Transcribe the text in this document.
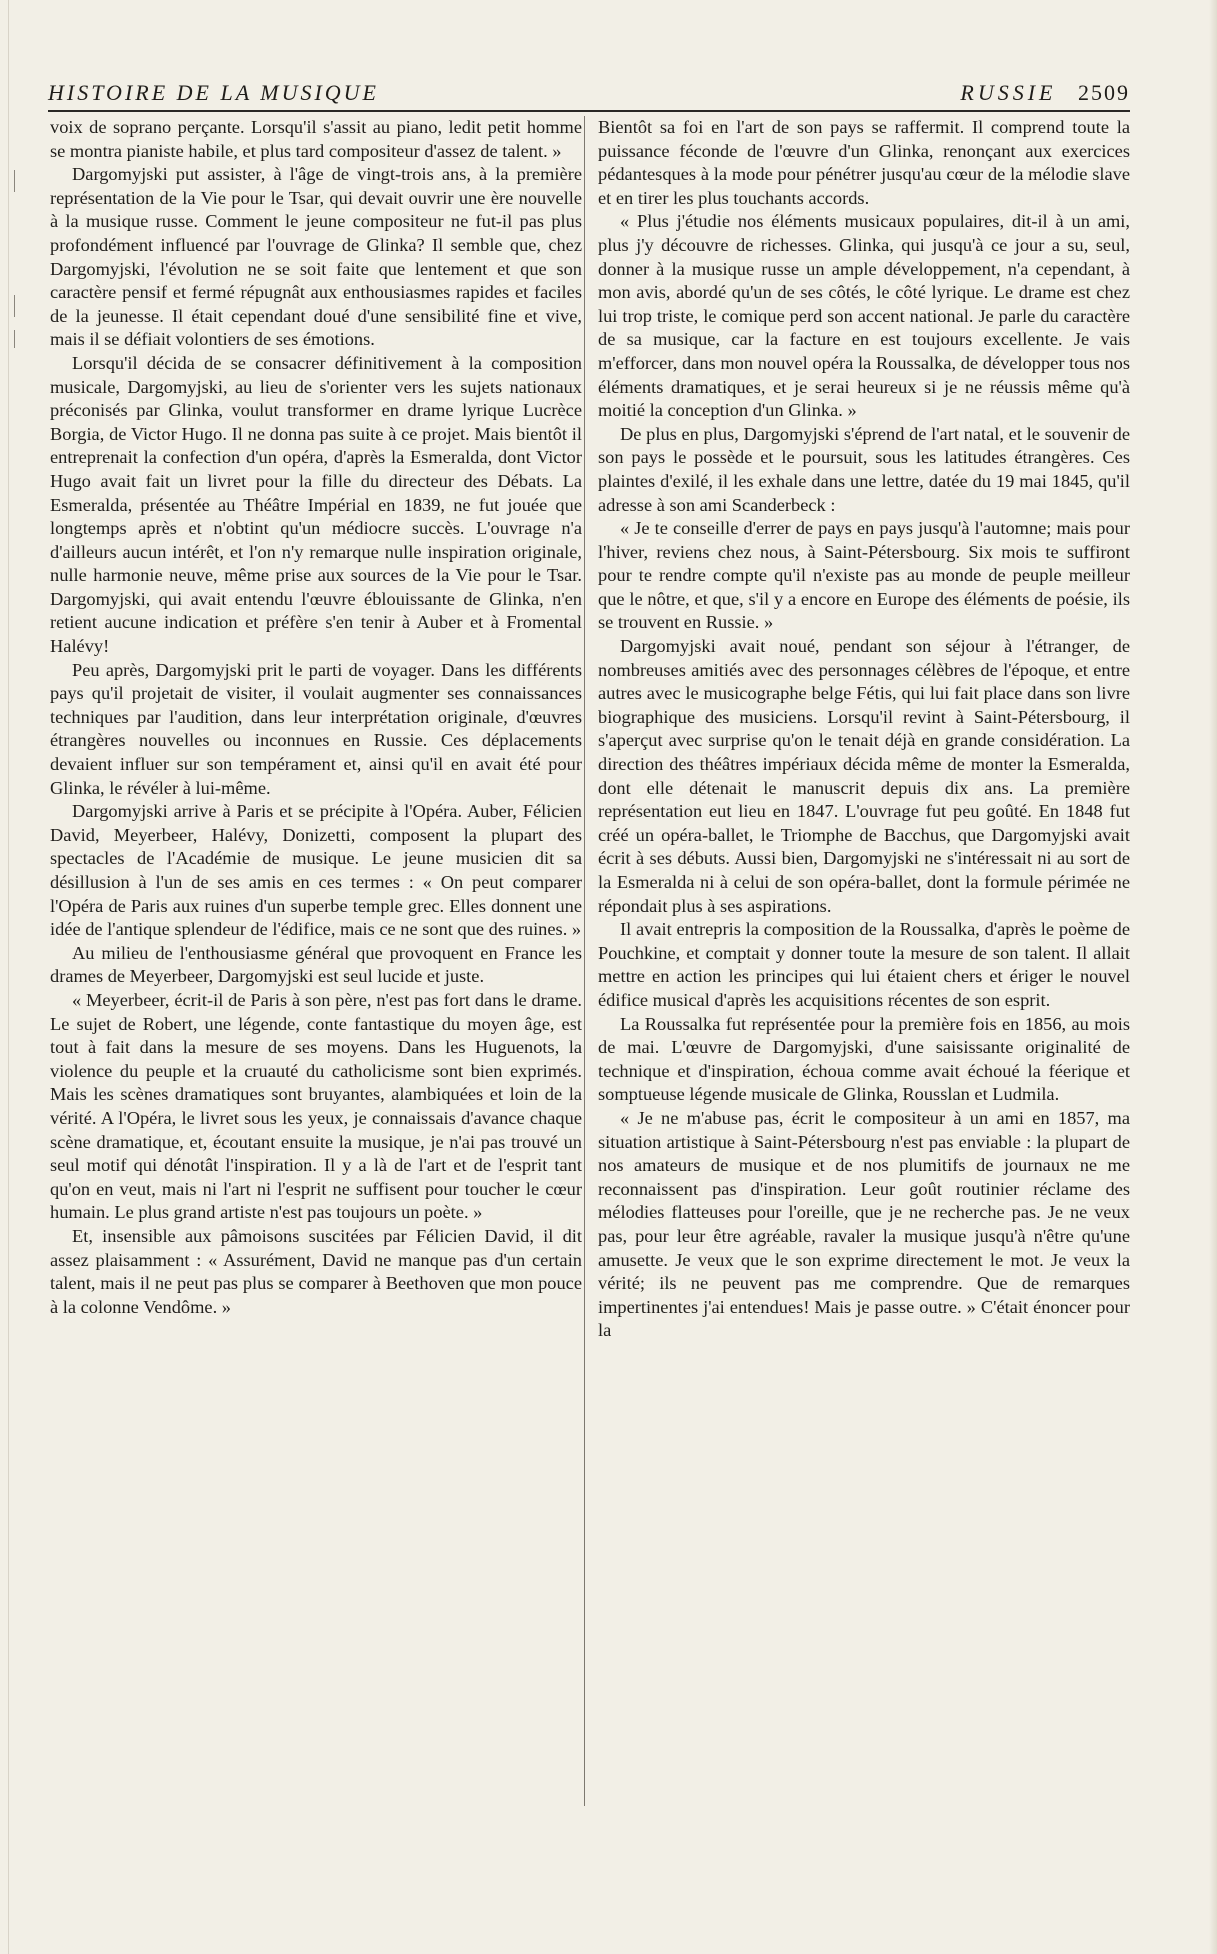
HISTOIRE DE LA MUSIQUE	RUSSIE 2509

voix de soprano perçante. Lorsqu'il s'assit au piano, ledit petit homme se montra pianiste habile, et plus tard compositeur d'assez de talent. »

Dargomyjski put assister, à l'âge de vingt-trois ans, à la première représentation de la Vie pour le Tsar, qui devait ouvrir une ère nouvelle à la musique russe. Comment le jeune compositeur ne fut-il pas plus profondément influencé par l'ouvrage de Glinka? Il semble que, chez Dargomyjski, l'évolution ne se soit faite que lentement et que son caractère pensif et fermé répugnât aux enthousiasmes rapides et faciles de la jeunesse. Il était cependant doué d'une sensibilité fine et vive, mais il se défiait volontiers de ses émotions.

Lorsqu'il décida de se consacrer définitivement à la composition musicale, Dargomyjski, au lieu de s'orienter vers les sujets nationaux préconisés par Glinka, voulut transformer en drame lyrique Lucrèce Borgia, de Victor Hugo. Il ne donna pas suite à ce projet. Mais bientôt il entreprenait la confection d'un opéra, d'après la Esmeralda, dont Victor Hugo avait fait un livret pour la fille du directeur des Débats. La Esmeralda, présentée au Théâtre Impérial en 1839, ne fut jouée que longtemps après et n'obtint qu'un médiocre succès. L'ouvrage n'a d'ailleurs aucun intérêt, et l'on n'y remarque nulle inspiration originale, nulle harmonie neuve, même prise aux sources de la Vie pour le Tsar. Dargomyjski, qui avait entendu l'œuvre éblouissante de Glinka, n'en retient aucune indication et préfère s'en tenir à Auber et à Fromental Halévy!

Peu après, Dargomyjski prit le parti de voyager. Dans les différents pays qu'il projetait de visiter, il voulait augmenter ses connaissances techniques par l'audition, dans leur interprétation originale, d'œuvres étrangères nouvelles ou inconnues en Russie. Ces déplacements devaient influer sur son tempérament et, ainsi qu'il en avait été pour Glinka, le révéler à lui-même.

Dargomyjski arrive à Paris et se précipite à l'Opéra. Auber, Félicien David, Meyerbeer, Halévy, Donizetti, composent la plupart des spectacles de l'Académie de musique. Le jeune musicien dit sa désillusion à l'un de ses amis en ces termes : « On peut comparer l'Opéra de Paris aux ruines d'un superbe temple grec. Elles donnent une idée de l'antique splendeur de l'édifice, mais ce ne sont que des ruines. »

Au milieu de l'enthousiasme général que provoquent en France les drames de Meyerbeer, Dargomyjski est seul lucide et juste.

« Meyerbeer, écrit-il de Paris à son père, n'est pas fort dans le drame. Le sujet de Robert, une légende, conte fantastique du moyen âge, est tout à fait dans la mesure de ses moyens. Dans les Huguenots, la violence du peuple et la cruauté du catholicisme sont bien exprimés. Mais les scènes dramatiques sont bruyantes, alambiquées et loin de la vérité. A l'Opéra, le livret sous les yeux, je connaissais d'avance chaque scène dramatique, et, écoutant ensuite la musique, je n'ai pas trouvé un seul motif qui dénotât l'inspiration. Il y a là de l'art et de l'esprit tant qu'on en veut, mais ni l'art ni l'esprit ne suffisent pour toucher le cœur humain. Le plus grand artiste n'est pas toujours un poète. »

Et, insensible aux pâmoisons suscitées par Félicien David, il dit assez plaisamment : « Assurément, David ne manque pas d'un certain talent, mais il ne peut pas plus se comparer à Beethoven que mon pouce à la colonne Vendôme. »

Bientôt sa foi en l'art de son pays se raffermit. Il comprend toute la puissance féconde de l'œuvre d'un Glinka, renonçant aux exercices pédantesques à la mode pour pénétrer jusqu'au cœur de la mélodie slave et en tirer les plus touchants accords.

« Plus j'étudie nos éléments musicaux populaires, dit-il à un ami, plus j'y découvre de richesses. Glinka, qui jusqu'à ce jour a su, seul, donner à la musique russe un ample développement, n'a cependant, à mon avis, abordé qu'un de ses côtés, le côté lyrique. Le drame est chez lui trop triste, le comique perd son accent national. Je parle du caractère de sa musique, car la facture en est toujours excellente. Je vais m'efforcer, dans mon nouvel opéra la Roussalka, de développer tous nos éléments dramatiques, et je serai heureux si je ne réussis même qu'à moitié la conception d'un Glinka. »

De plus en plus, Dargomyjski s'éprend de l'art natal, et le souvenir de son pays le possède et le poursuit, sous les latitudes étrangères. Ces plaintes d'exilé, il les exhale dans une lettre, datée du 19 mai 1845, qu'il adresse à son ami Scanderbeck :

« Je te conseille d'errer de pays en pays jusqu'à l'automne; mais pour l'hiver, reviens chez nous, à Saint-Pétersbourg. Six mois te suffiront pour te rendre compte qu'il n'existe pas au monde de peuple meilleur que le nôtre, et que, s'il y a encore en Europe des éléments de poésie, ils se trouvent en Russie. »

Dargomyjski avait noué, pendant son séjour à l'étranger, de nombreuses amitiés avec des personnages célèbres de l'époque, et entre autres avec le musicographe belge Fétis, qui lui fait place dans son livre biographique des musiciens. Lorsqu'il revint à Saint-Pétersbourg, il s'aperçut avec surprise qu'on le tenait déjà en grande considération. La direction des théâtres impériaux décida même de monter la Esmeralda, dont elle détenait le manuscrit depuis dix ans. La première représentation eut lieu en 1847. L'ouvrage fut peu goûté. En 1848 fut créé un opéra-ballet, le Triomphe de Bacchus, que Dargomyjski avait écrit à ses débuts. Aussi bien, Dargomyjski ne s'intéressait ni au sort de la Esmeralda ni à celui de son opéra-ballet, dont la formule périmée ne répondait plus à ses aspirations.

Il avait entrepris la composition de la Roussalka, d'après le poème de Pouchkine, et comptait y donner toute la mesure de son talent. Il allait mettre en action les principes qui lui étaient chers et ériger le nouvel édifice musical d'après les acquisitions récentes de son esprit.

La Roussalka fut représentée pour la première fois en 1856, au mois de mai. L'œuvre de Dargomyjski, d'une saisissante originalité de technique et d'inspiration, échoua comme avait échoué la féerique et somptueuse légende musicale de Glinka, Rousslan et Ludmila.

« Je ne m'abuse pas, écrit le compositeur à un ami en 1857, ma situation artistique à Saint-Pétersbourg n'est pas enviable : la plupart de nos amateurs de musique et de nos plumitifs de journaux ne me reconnaissent pas d'inspiration. Leur goût routinier réclame des mélodies flatteuses pour l'oreille, que je ne recherche pas. Je ne veux pas, pour leur être agréable, ravaler la musique jusqu'à n'être qu'une amusette. Je veux que le son exprime directement le mot. Je veux la vérité; ils ne peuvent pas me comprendre. Que de remarques impertinentes j'ai entendues! Mais je passe outre. » C'était énoncer pour la
